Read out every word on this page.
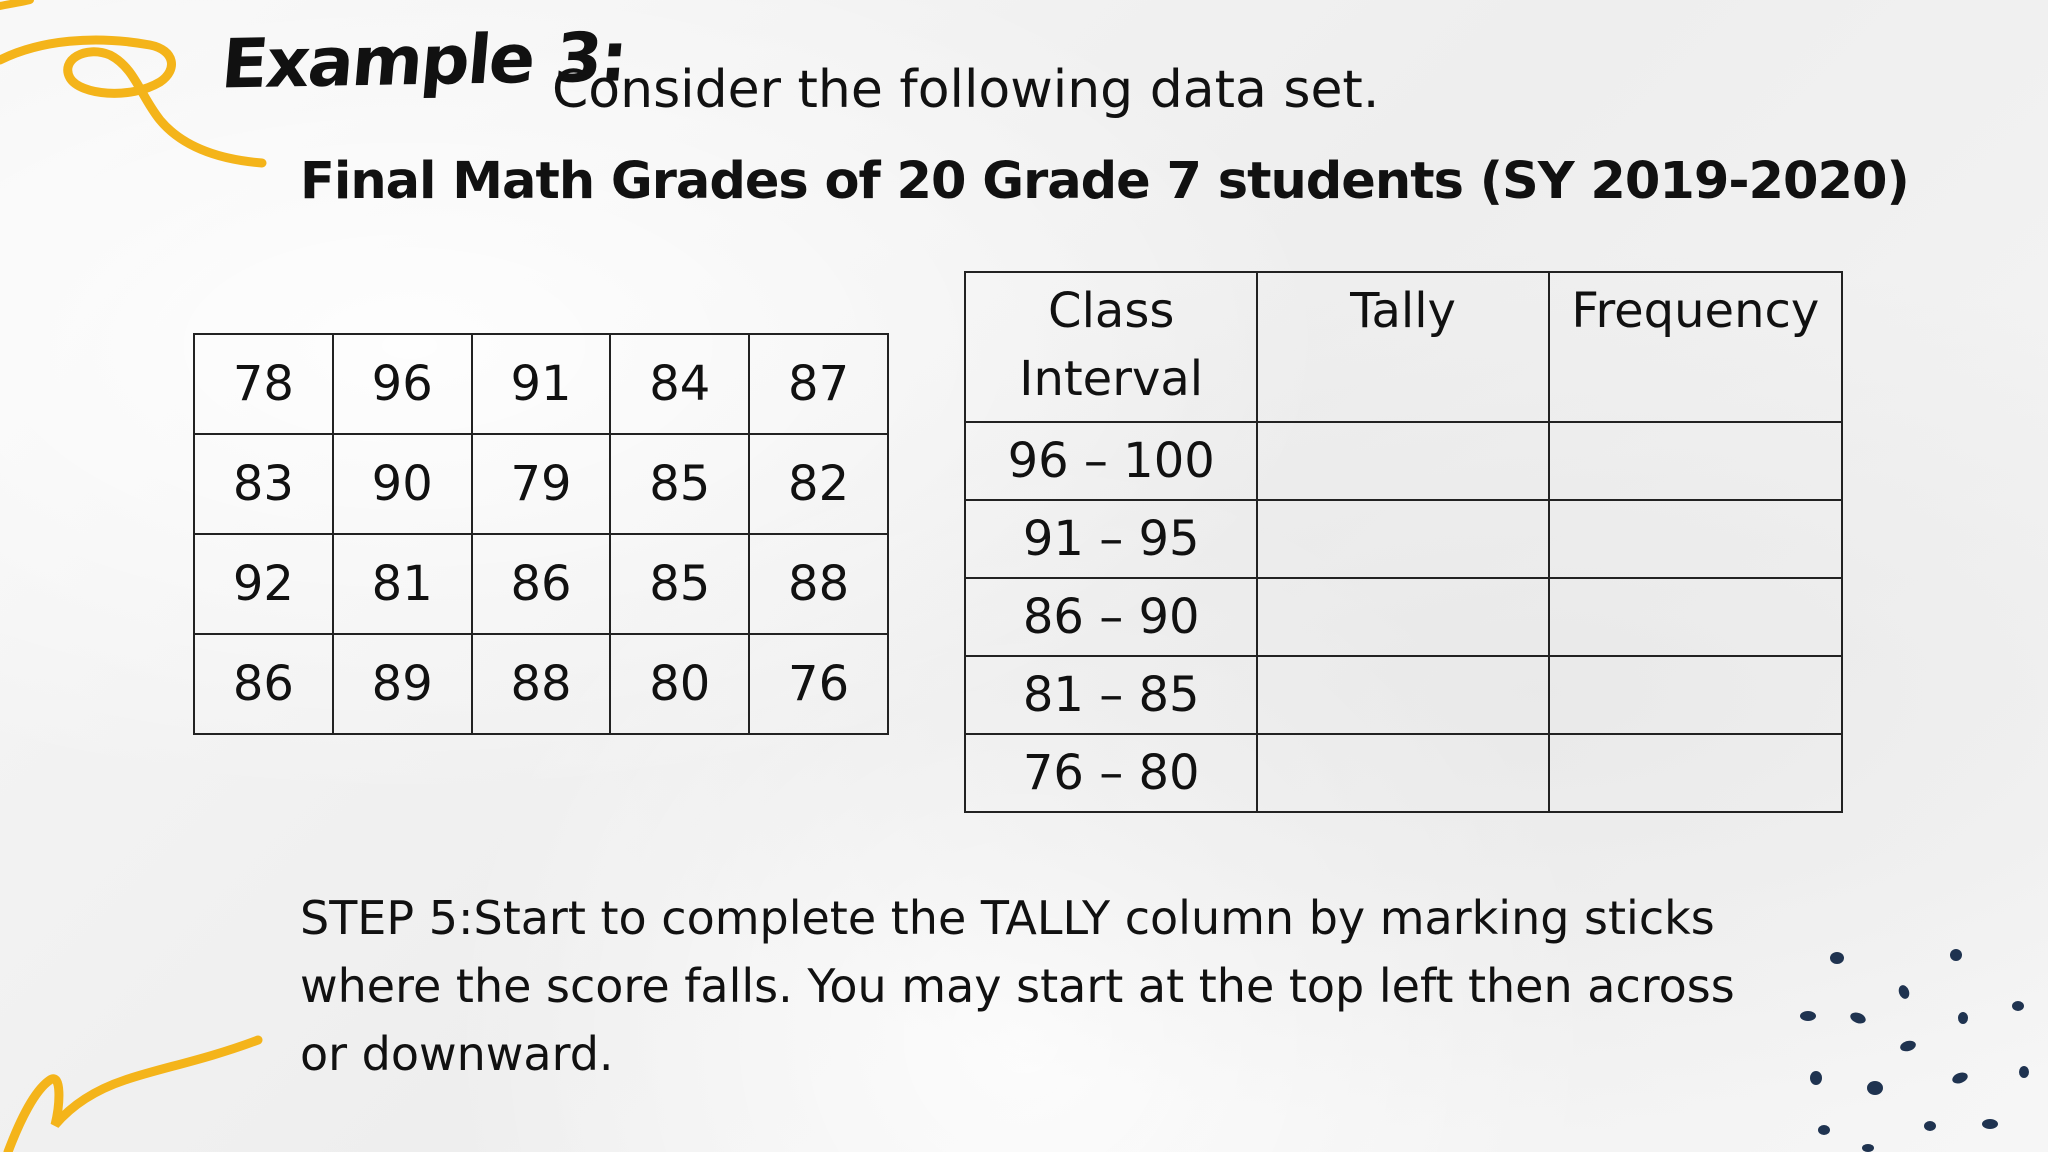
Example 3:
Consider the following data set.
Final Math Grades of 20 Grade 7 students (SY 2019-2020)
78	96	91	84	87
83	90	79	85	82
92	81	86	85	88
86	89	88	80	76
Class
Interval	Tally	Frequency
96 – 100		
91 – 95		
86 – 90		
81 – 85		
76 – 80		
STEP 5:Start to complete the TALLY column by marking sticks where the score falls. You may start at the top left then across or downward.
